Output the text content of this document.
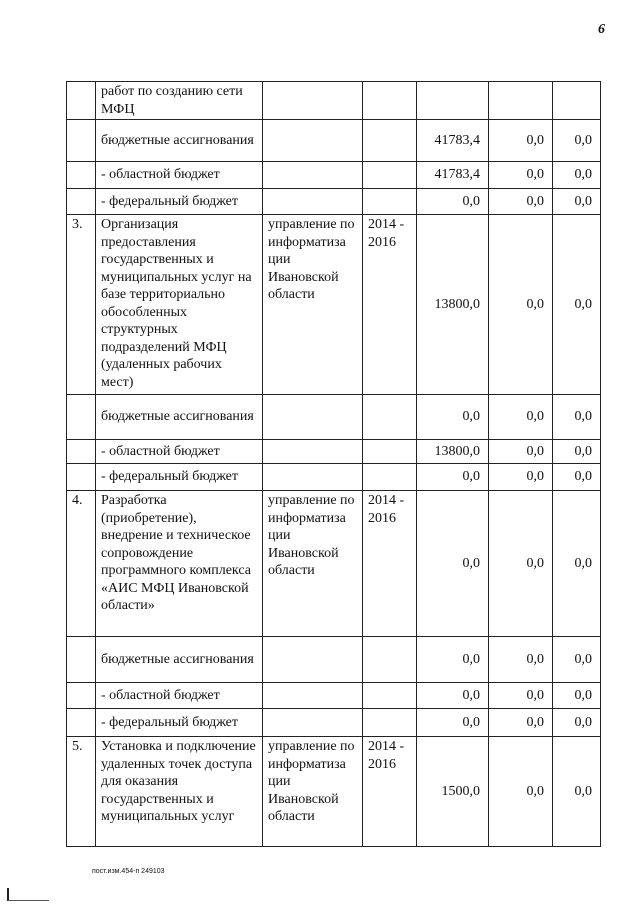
6
	работ по созданию сети МФЦ					
	бюджетные ассигнования			41783,4	0,0	0,0
	- областной бюджет			41783,4	0,0	0,0
	- федеральный бюджет			0,0	0,0	0,0
3.	Организация предоставления государственных и муниципальных услуг на базе территориально обособленных структурных подразделений МФЦ (удаленных рабочих мест)	управление по информатиза ции Ивановской области	2014 - 2016	13800,0	0,0	0,0
	бюджетные ассигнования			0,0	0,0	0,0
	- областной бюджет			13800,0	0,0	0,0
	- федеральный бюджет			0,0	0,0	0,0
4.	Разработка (приобретение), внедрение и техническое сопровождение программного комплекса «АИС МФЦ Ивановской области»	управление по информатиза ции Ивановской области	2014 - 2016	0,0	0,0	0,0
	бюджетные ассигнования			0,0	0,0	0,0
	- областной бюджет			0,0	0,0	0,0
	- федеральный бюджет			0,0	0,0	0,0
5.	Установка и подключение удаленных точек доступа для оказания государственных и муниципальных услуг	управление по информатиза ции Ивановской области	2014 - 2016	1500,0	0,0	0,0
пост.изм.454-п 249103
